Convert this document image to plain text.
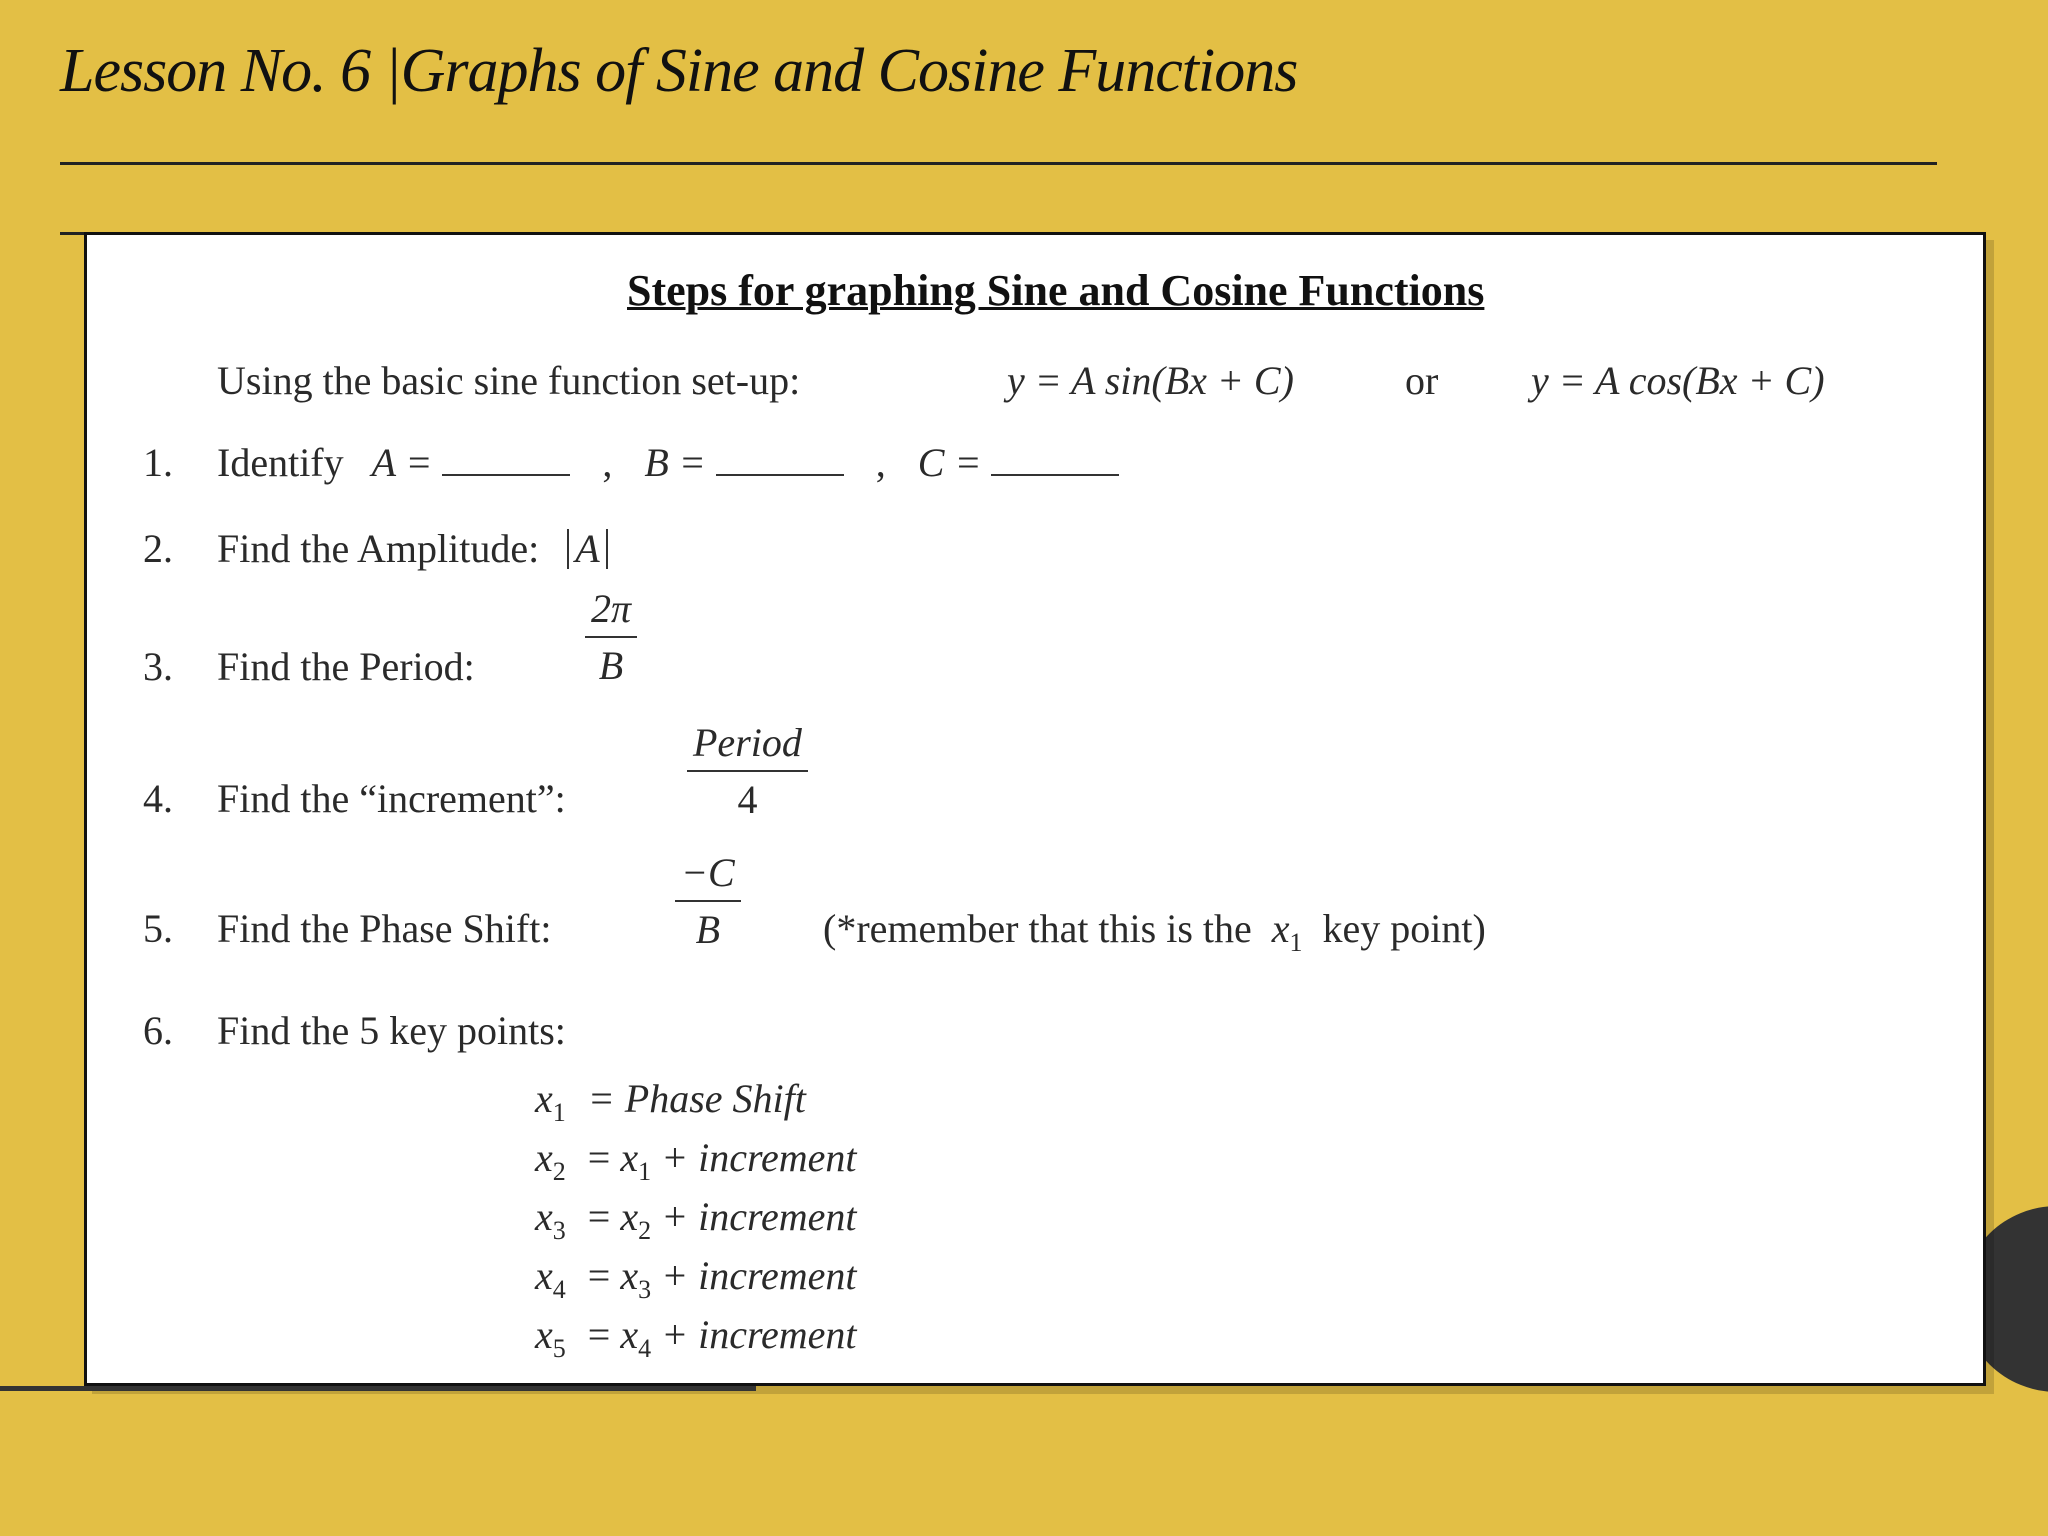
Lesson No. 6 |Graphs of Sine and Cosine Functions
Steps for graphing Sine and Cosine Functions
Using the basic sine function set-up:	y = A sin(Bx + C)	or y = A cos(Bx + C)
1. Identify A =	, B =	, C =
2. Find the Amplitude: A
3. Find the Period:
2π
B
4. Find the “increment”:
Period
4
5. Find the Phase Shift:
−C
B	(*remember that this is the $x_1$ key point)
6. Find the 5 key points:
$x_1$ = Phase Shift
$x_2 = x_1$ + increment
$x_3 = x_2$ + increment
$x_4 = x_3$ + increment
$x_5 = x_4$ + increment
